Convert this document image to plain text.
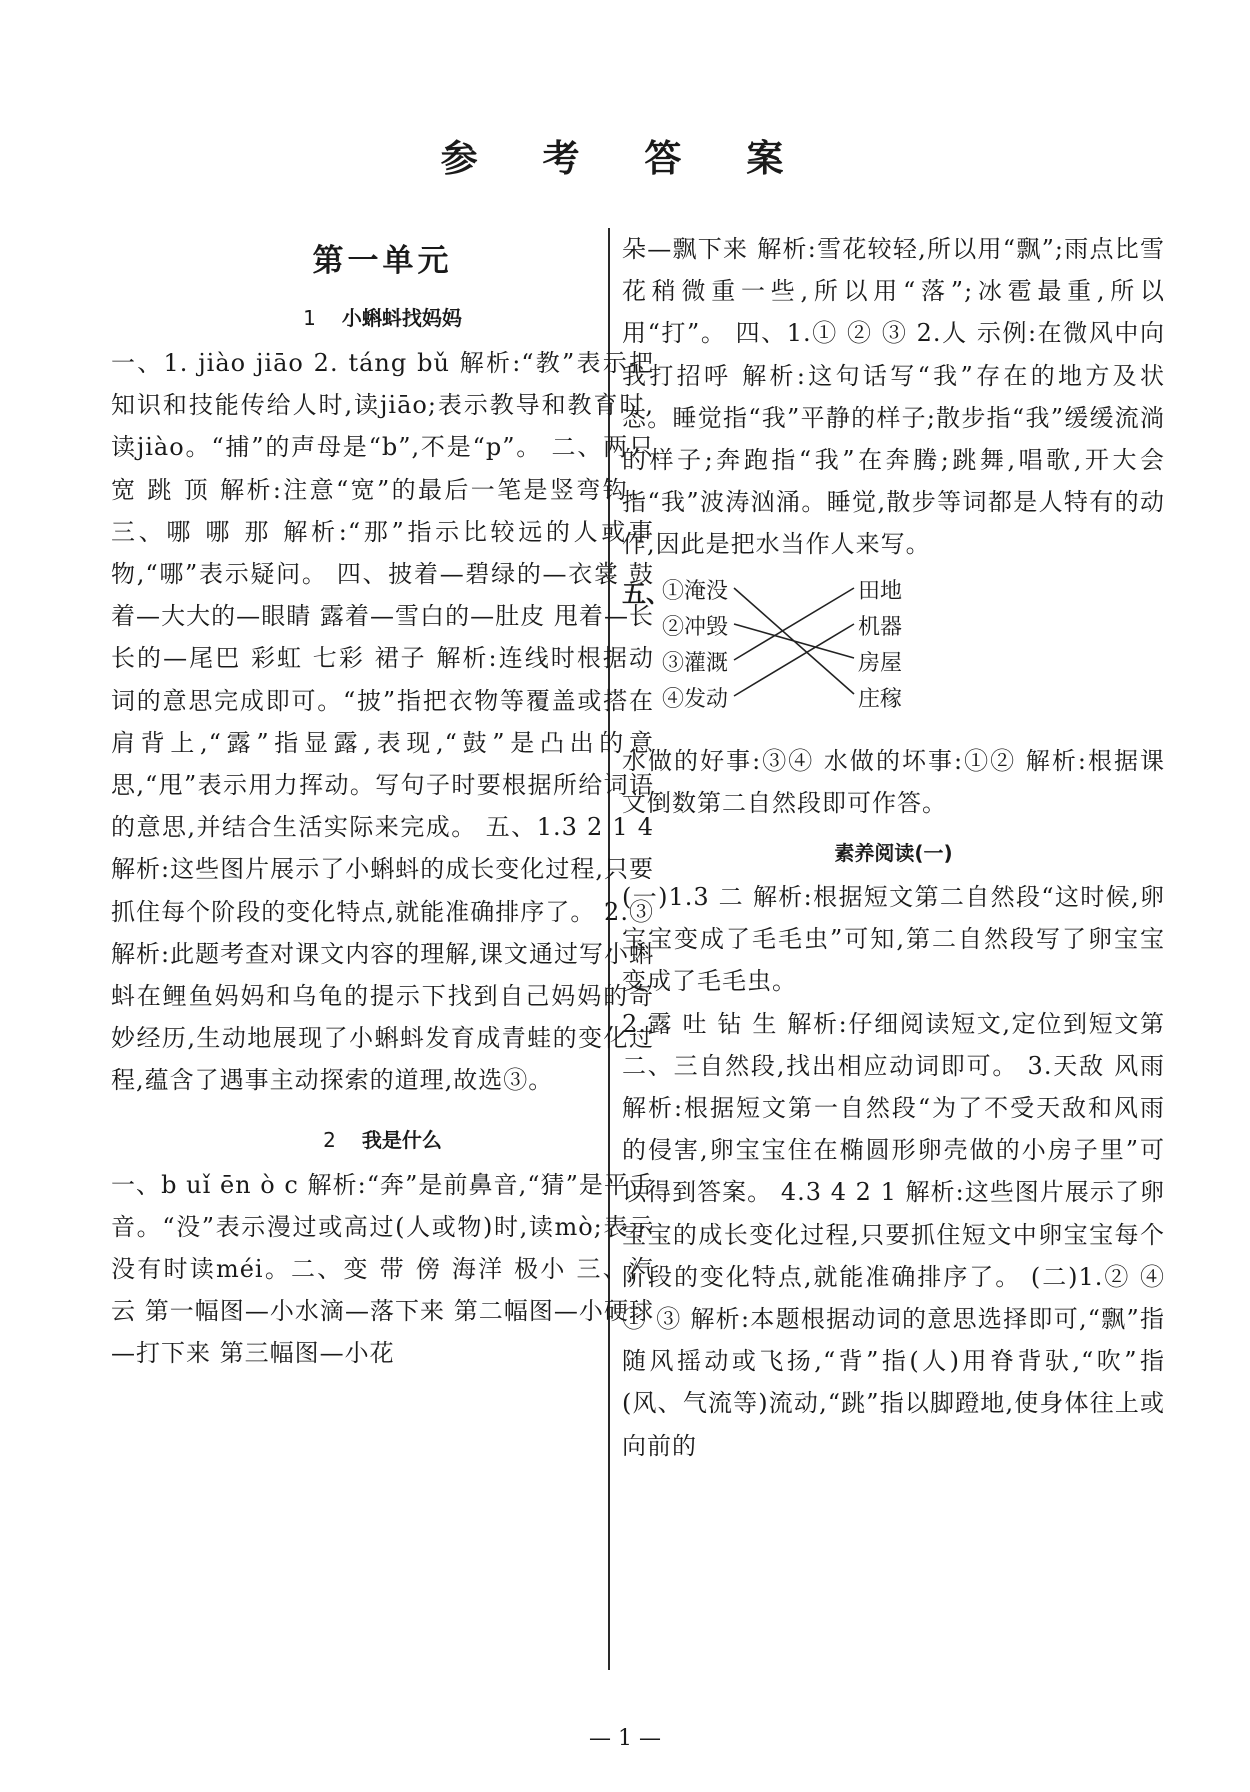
参 考 答 案
第一单元
1 小蝌蚪找妈妈

一、1. jiào jiāo 2. táng bǔ 解析:“教”表示把知识和技能传给人时,读jiāo;表示教导和教育时,读jiào。“捕”的声母是“b”,不是“p”。 二、两只 宽 跳 顶 解析:注意“宽”的最后一笔是竖弯钩。三、哪 哪 那 解析:“那”指示比较远的人或事物,“哪”表示疑问。 四、披着—碧绿的—衣裳 鼓着—大大的—眼睛 露着—雪白的—肚皮 甩着—长长的—尾巴 彩虹 七彩 裙子 解析:连线时根据动词的意思完成即可。“披”指把衣物等覆盖或搭在肩背上,“露”指显露,表现,“鼓”是凸出的意思,“甩”表示用力挥动。写句子时要根据所给词语的意思,并结合生活实际来完成。 五、1.3 2 1 4 解析:这些图片展示了小蝌蚪的成长变化过程,只要抓住每个阶段的变化特点,就能准确排序了。 2.③ 解析:此题考查对课文内容的理解,课文通过写小蝌蚪在鲤鱼妈妈和乌龟的提示下找到自己妈妈的奇妙经历,生动地展现了小蝌蚪发育成青蛙的变化过程,蕴含了遇事主动探索的道理,故选③。

2 我是什么

一、b uǐ ēn ò c 解析:“奔”是前鼻音,“猜”是平舌音。“没”表示漫过或高过(人或物)时,读mò;表示没有时读méi。二、变 带 傍 海洋 极小 三、汽 云 第一幅图—小水滴—落下来 第二幅图—小硬球—打下来 第三幅图—小花

朵—飘下来 解析:雪花较轻,所以用“飘”;雨点比雪花稍微重一些,所以用“落”;冰雹最重,所以用“打”。 四、1.① ② ③ 2.人 示例:在微风中向我打招呼 解析:这句话写“我”存在的地方及状态。睡觉指“我”平静的样子;散步指“我”缓缓流淌的样子;奔跑指“我”在奔腾;跳舞,唱歌,开大会指“我”波涛汹涌。睡觉,散步等词都是人特有的动作,因此是把水当作人来写。

五、
①淹没
②冲毁
③灌溉
④发动
田地
机器
房屋
庄稼

水做的好事:③④ 水做的坏事:①② 解析:根据课文倒数第二自然段即可作答。

素养阅读(一)

(一)1.3 二 解析:根据短文第二自然段“这时候,卵宝宝变成了毛毛虫”可知,第二自然段写了卵宝宝变成了毛毛虫。

2.露 吐 钻 生 解析:仔细阅读短文,定位到短文第二、三自然段,找出相应动词即可。 3.天敌 风雨 解析:根据短文第一自然段“为了不受天敌和风雨的侵害,卵宝宝住在椭圆形卵壳做的小房子里”可以得到答案。 4.3 4 2 1 解析:这些图片展示了卵宝宝的成长变化过程,只要抓住短文中卵宝宝每个阶段的变化特点,就能准确排序了。 (二)1.② ④ ① ③ 解析:本题根据动词的意思选择即可,“飘”指随风摇动或飞扬,“背”指(人)用脊背驮,“吹”指(风、气流等)流动,“跳”指以脚蹬地,使身体往上或向前的

— 1 —
